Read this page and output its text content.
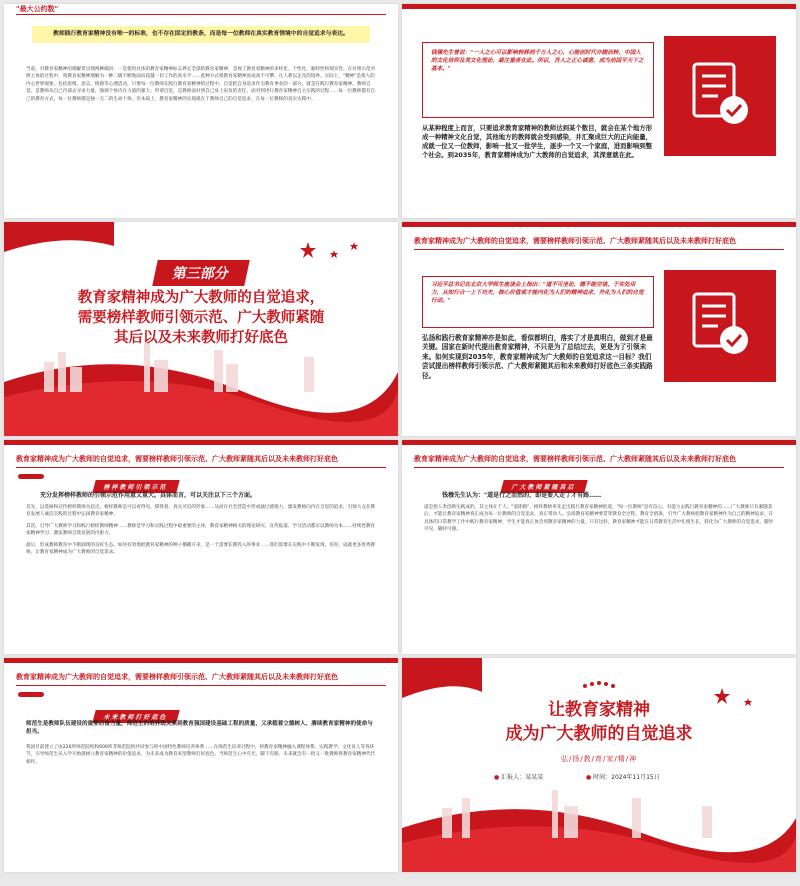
"最大公约数"
教师践行教育家精神没有唯一的标准，也不存在固定的教条，而是每一位教师在真实教育情境中的自觉追求与表达。
当前，对教育家精神的理解常出现两种倾向：一是使用具体的教育家精神标志界定全部的教育家精神，忽视了教育家精神的多样化、个性化、独特性和现实性。在对照示范对照主体的过程中，将教育家精神理解为一种二级不断地面向超越一切工作的高水平……此种方式将教育家精神说成高不可攀、凡人难以企及的境界。实际上，"精神"是指人的内心世界现象，包括思维、意志、情感等心理活动，只要每一位教师在践行教育家精神的过程中，自觉把自身追求作为教育事业的一部分，就是在践行教育家精神。教师自觉，是教师从自己内部去寻求力量，强调个体内在力量的强大；所谓自觉，是教师面对到自己身上肩负的责任，面对到进行教育家精神自主实践的过程……每一位教师都有自己的教育方式，每一位教师都是独一无二的生命个体。但本质上，教育家精神的实现就在于教师自己的自觉追求，在每一位教师的真实实践中。
钱穆先生曾说："一人之心可以影响转移到千万人之心，心能创时代亦随而转，中国人的文化信仰及其文化理论，最注重者在此。所以，吾人之正心诚意，成为治国平天下之基本。"
从某种程度上而言，只要追求教育家精神的教师达到某个数目，就会在某个地方形成一种精神文化自觉，其他地方的教师就会受到感染，并汇聚成巨大的正向能量，成就一位又一位教师，影响一批又一批学生，逐步一个又一个家庭，进而影响到整个社会。到2035年，教育家精神成为广大教师的自觉追求，其深意就在此。
第三部分
教育家精神成为广大教师的自觉追求，
需要榜样教师引领示范、广大教师紧随
其后以及未来教师打好底色
教育家精神成为广大教师的自觉追求，需要榜样教师引领示范、广大教师紧随其后以及未来教师打好底色
习近平总书记在北京大学师生座谈会上指出："道不可坐论，德不能空谈。于实处用力，从知行合一上下功夫，核心价值观才能内化为人们的精神追求，外化为人们的自觉行动。"
弘扬和践行教育家精神亦是如此，看似都明白，落实了才是真明白，做到才是最关键。国家在新时代提出教育家精神，不只是为了总结过去，更是为了引领未来。如何实现到2035年，教育家精神成为广大教师的自觉追求这一目标？我们尝试提出榜样教师引领示范、广大教师紧随其后和未来教师打好底色三条实践路径。
教育家精神成为广大教师的自觉追求，需要榜样教师引领示范、广大教师紧随其后以及未来教师打好底色
榜样教师引领示范
充分发挥榜样教师的引领示范作用意义重大。具体而言，可以关注以下三个方面。

首先，以选树和宣传榜样教师为起点。榜样教师是可以看得见、摸得着、真实可信的形象……从而在社会营造中形成通过感染力，激发教师向内在自觉的追求，引领大众在教育发展人诚信实践的过程中弘扬教育家精神。

其次，引导广大教师学习和践行榜样教师精神……教师是学习和实践过程中最重要的主体，教育家精神相关的理论研究、宣传报道、学习活动都应以教师为本……持续性教育家精神学习、激发教师自我发展的内驱力。

最后，形成教师教育中不断涌现的良好生态。如何有效地把教育家精神的种子播撒开来，是一个需要长期投入的事业……我们需要在实践中不断发现、培育、成就更多优秀教师，让教育家精神成为广大教师的自觉追求。

教育家精神成为广大教师的自觉追求，需要榜样教师引领示范、广大教师紧随其后以及未来教师打好底色
广大教师紧随其后
钱穆先生认为："道是行之而然的，即是要人走了才有路……
道是指人类创新实践成的，其主体在于人。"道即路"，榜样教师率先走出践行教育家精神的道，"每一位教师"是有信心、有能力去践行教育家精神的……广大教师只有紧随其后，才能让教育家精神真正成为每一位教师的自觉追求，真正带动人。弘扬教育家精神要贯穿教育全过程、教育全链条，引导广大教师把教育家精神作为自己的精神追求，在具体的日常教学工作中践行教育家精神，学生才能真正体会到教育家精神的力量。只有这样，教育家精神才能在日常教育生活中扎根生长，转化为广大教师的自觉追求，随时可见，随时可感。
教育家精神成为广大教师的自觉追求，需要榜样教师引领示范、广大教师紧随其后以及未来教师打好底色
未来教师打好底色
师范生是教师队伍建设的重要后备力量，师范生的培养既关系到教育强国建设基础工程的质量，又承载着立德树人、赓续教育家精神的使命与担当。
我国目前建立了由226所师范院校和600所非师范院校共同参与的中国特色教师培养体系……在师范生培养过程中，将教育家精神融入课程体系、实践教学、文化育人等各环节，引导师范生从入学开始就树立教育家精神的价值追求，为未来成为教育家型教师打好底色。当师范生心中有光，脚下有路，未来就会有一批又一批教师将教育家精神代代相传。
让教育家精神
成为广大教师的自觉追求
弘/扬/教/育/家/精/神
● 汇报人：某某某	● 时间：2024年11月15日
